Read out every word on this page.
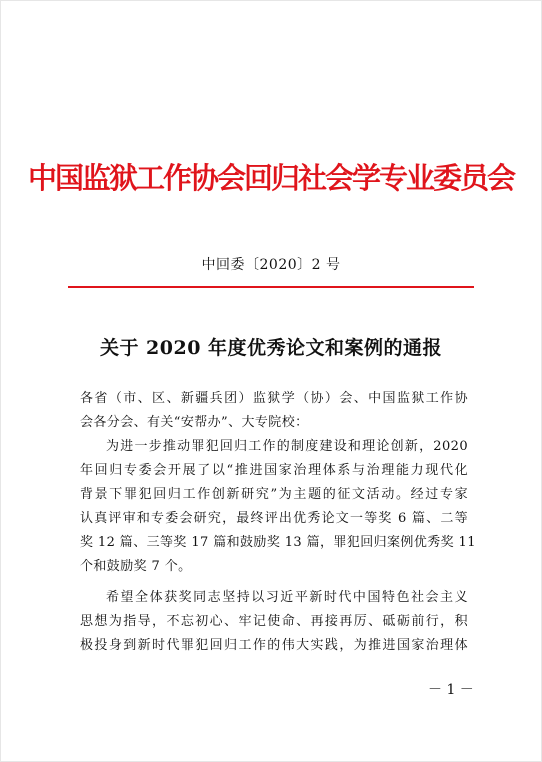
中国监狱工作协会回归社会学专业委员会
中回委〔2020〕2 号
关于 2020 年度优秀论文和案例的通报
各省（市、区、新疆兵团）监狱学（协）会、中国监狱工作协
会各分会、有关“安帮办”、大专院校：
为进一步推动罪犯回归工作的制度建设和理论创新，2020
年回归专委会开展了以“推进国家治理体系与治理能力现代化
背景下罪犯回归工作创新研究”为主题的征文活动。经过专家
认真评审和专委会研究，最终评出优秀论文一等奖 6 篇、二等
奖 12 篇、三等奖 17 篇和鼓励奖 13 篇，罪犯回归案例优秀奖 11
个和鼓励奖 7 个。
希望全体获奖同志坚持以习近平新时代中国特色社会主义
思想为指导，不忘初心、牢记使命、再接再厉、砥砺前行，积
极投身到新时代罪犯回归工作的伟大实践，为推进国家治理体
－ 1 －
